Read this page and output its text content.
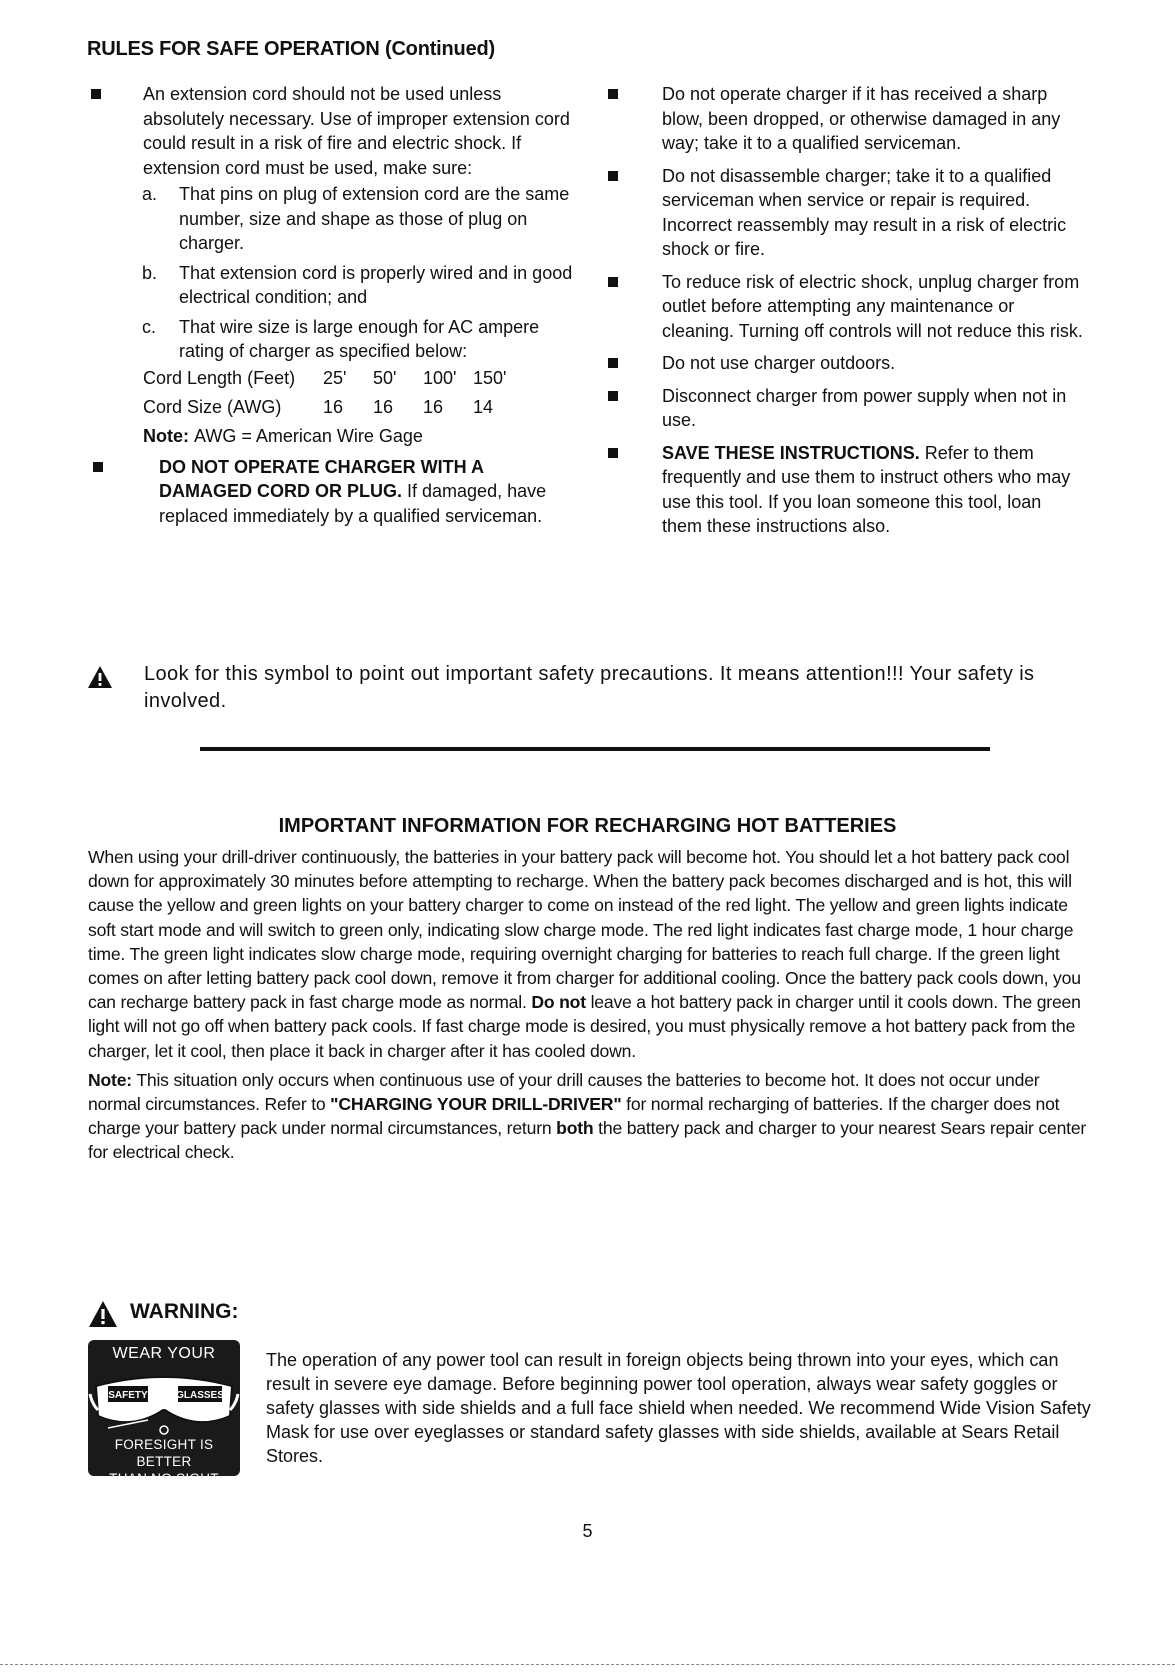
RULES FOR SAFE OPERATION (Continued)
An extension cord should not be used unless absolutely necessary. Use of improper extension cord could result in a risk of fire and electric shock. If extension cord must be used, make sure:
a. That pins on plug of extension cord are the same number, size and shape as those of plug on charger.
b. That extension cord is properly wired and in good electrical condition; and
c. That wire size is large enough for AC ampere rating of charger as specified below:
Cord Length (Feet)	25'	50'	100' 150'
Cord Size (AWG)	16	16	16	14
Note:
AWG = American Wire Gage
DO NOT OPERATE CHARGER WITH A DAMAGED CORD OR PLUG. If damaged, have replaced immediately by a qualified serviceman.
Do not operate charger if it has received a sharp blow, been dropped, or otherwise damaged in any way; take it to a qualified serviceman.
Do not disassemble charger; take it to a qualified serviceman when service or repair is required. Incorrect reassembly may result in a risk of electric shock or fire.
To reduce risk of electric shock, unplug charger from outlet before attempting any maintenance or cleaning. Turning off controls will not reduce this risk.
Do not use charger outdoors.
Disconnect charger from power supply when not in use.
SAVE THESE INSTRUCTIONS. Refer to them frequently and use them to instruct others who may use this tool. If you loan someone this tool, loan them these instructions also.
Look for this symbol to point out important safety precautions. It means attention!!! Your safety is involved.
IMPORTANT INFORMATION FOR RECHARGING HOT BATTERIES

When using your drill-driver continuously, the batteries in your battery pack will become hot. You should let a hot battery pack cool down for approximately 30 minutes before attempting to recharge. When the battery pack becomes discharged and is hot, this will cause the yellow and green lights on your battery charger to come on instead of the red light. The yellow and green lights indicate soft start mode and will switch to green only, indicating slow charge mode. The red light indicates fast charge mode, 1 hour charge time. The green light indicates slow charge mode, requiring overnight charging for batteries to reach full charge. If the green light comes on after letting battery pack cool down, remove it from charger for additional cooling. Once the battery pack cools down, you can recharge battery pack in fast charge mode as normal. Do not leave a hot battery pack in charger until it cools down. The green light will not go off when battery pack cools. If fast charge mode is desired, you must physically remove a hot battery pack from the charger, let it cool, then place it back in charger after it has cooled down.

Note: This situation only occurs when continuous use of your drill causes the batteries to become hot. It does not occur under normal circumstances. Refer to "CHARGING YOUR DRILL-DRIVER" for normal recharging of batteries. If the charger does not charge your battery pack under normal circumstances, return both the battery pack and charger to your nearest Sears repair center for electrical check.

WARNING:
WEAR YOUR
SAFETY	GLASSES
FORESIGHT IS BETTER
THAN NO SIGHT
The operation of any power tool can result in foreign objects being thrown into your eyes, which can result in severe eye damage. Before beginning power tool operation, always wear safety goggles or safety glasses with side shields and a full face shield when needed. We recommend Wide Vision Safety Mask for use over eyeglasses or standard safety glasses with side shields, available at Sears Retail Stores.
5
